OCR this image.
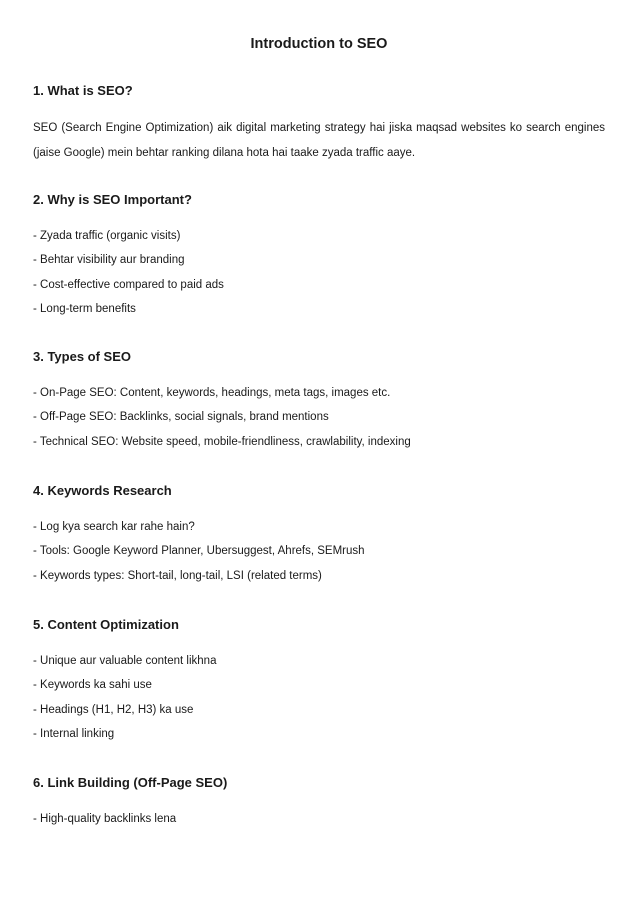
Introduction to SEO
1. What is SEO?

SEO (Search Engine Optimization) aik digital marketing strategy hai jiska maqsad websites ko search engines (jaise Google) mein behtar ranking dilana hota hai taake zyada traffic aaye.

2. Why is SEO Important?
- Zyada traffic (organic visits)
- Behtar visibility aur branding
- Cost-effective compared to paid ads
- Long-term benefits
3. Types of SEO
- On-Page SEO: Content, keywords, headings, meta tags, images etc.
- Off-Page SEO: Backlinks, social signals, brand mentions
- Technical SEO: Website speed, mobile-friendliness, crawlability, indexing
4. Keywords Research
- Log kya search kar rahe hain?
- Tools: Google Keyword Planner, Ubersuggest, Ahrefs, SEMrush
- Keywords types: Short-tail, long-tail, LSI (related terms)
5. Content Optimization
- Unique aur valuable content likhna
- Keywords ka sahi use
- Headings (H1, H2, H3) ka use
- Internal linking
6. Link Building (Off-Page SEO)
- High-quality backlinks lena
